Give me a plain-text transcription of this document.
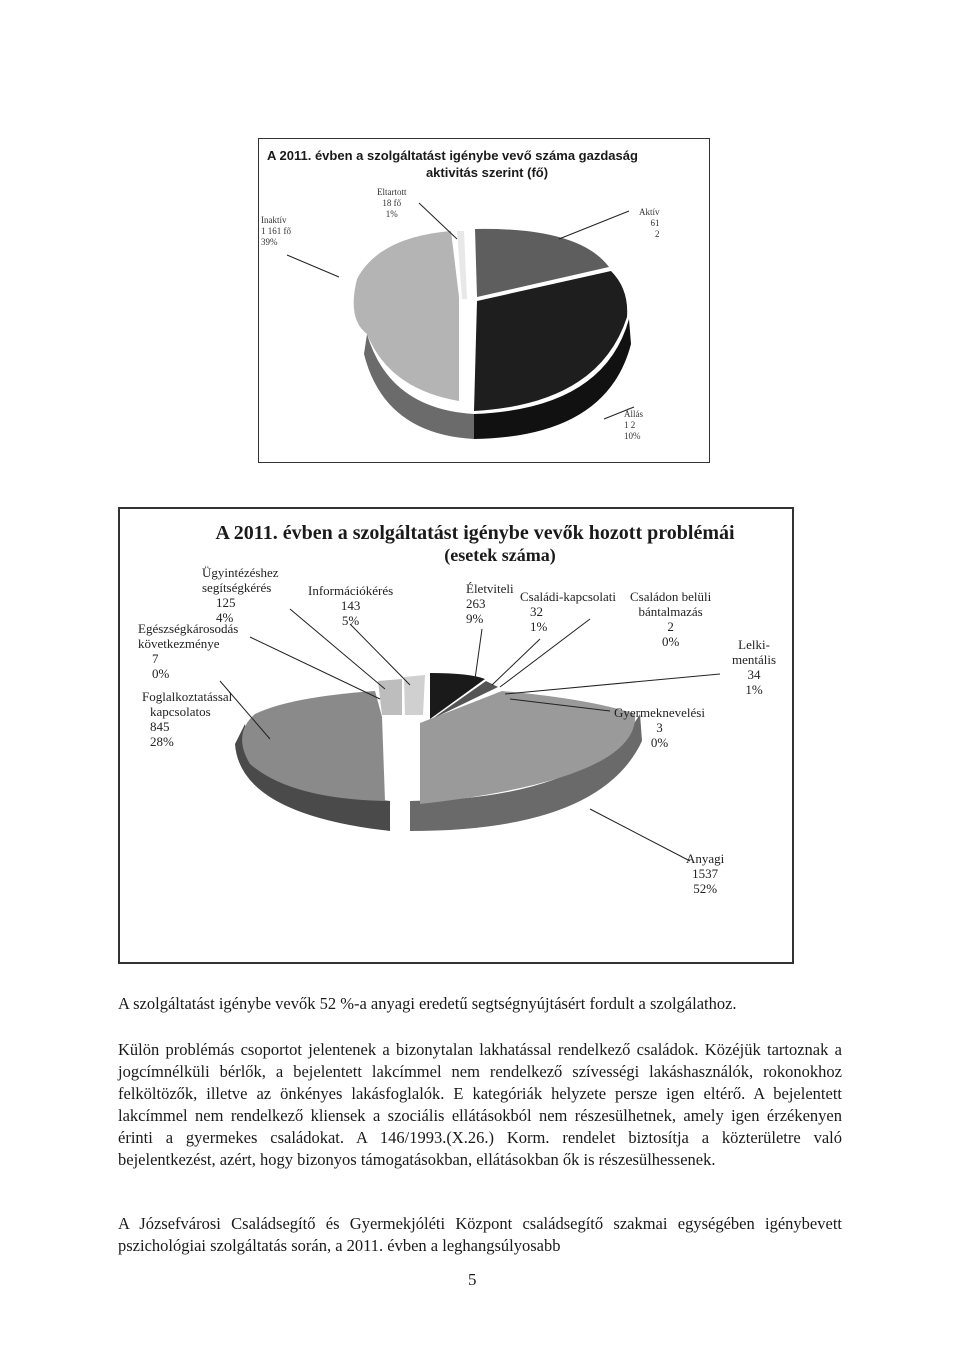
A 2011. évben a szolgáltatást igénybe vevő száma gazdaság
aktivitás szerint (fő)
Eltartott
18 fő
1%	Aktív
61
2
Inaktív
1 161 fő
39%
Állás
1 2
10%
A 2011. évben a szolgáltatást igénybe vevők hozott problémái
(esetek száma)
Ügyintézéshez
segítségkérés
125
4%
Információkérés
143
5%
Életviteli
263
9%
Családi-kapcsolati
32
1%
Családon belüli
bántalmazás
2
0%
Egészségkárosodás
következménye
7
0%
Lelki-
mentális
34
1%
Foglalkoztatással
kapcsolatos
845
28%
Gyermeknevelési
3
0%
Anyagi
1537
52%
A szolgáltatást igénybe vevők 52 %-a anyagi eredetű segtségnyújtásért fordult a szolgálathoz.
Külön problémás csoportot jelentenek a bizonytalan lakhatással rendelkező családok. Közéjük tartoznak a jogcímnélküli bérlők, a bejelentett lakcímmel nem rendelkező szívességi lakáshasználók, rokonokhoz felköltözők, illetve az önkényes lakásfoglalók. E kategóriák helyzete persze igen eltérő. A bejelentett lakcímmel nem rendelkező kliensek a szociális ellátásokból nem részesülhetnek, amely igen érzékenyen érinti a gyermekes családokat. A 146/1993.(X.26.) Korm. rendelet biztosítja a közterületre való bejelentkezést, azért, hogy bizonyos támogatásokban, ellátásokban ők is részesülhessenek.
A Józsefvárosi Családsegítő és Gyermekjóléti Központ családsegítő szakmai egységében igénybevett pszichológiai szolgáltatás során, a 2011. évben a leghangsúlyosabb
5
